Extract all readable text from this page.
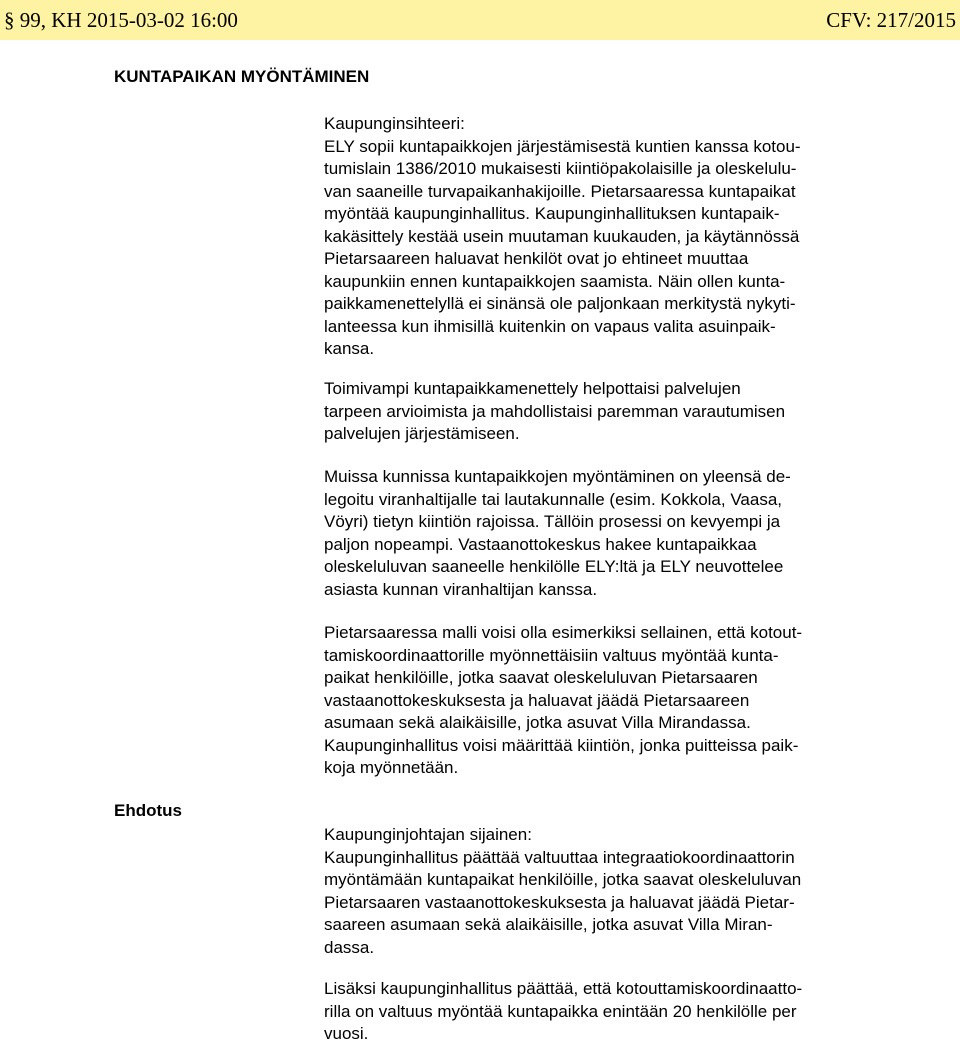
§ 99, KH 2015-03-02 16:00	CFV: 217/2015
KUNTAPAIKAN MYÖNTÄMINEN
Ehdotus
Kaupunginsihteeri:
ELY sopii kuntapaikkojen järjestämisestä kuntien kanssa kotou-
tumislain 1386/2010 mukaisesti kiintiöpakolaisille ja oleskelulu-
van saaneille turvapaikanhakijoille. Pietarsaaressa kuntapaikat
myöntää kaupunginhallitus. Kaupunginhallituksen kuntapaik-
kakäsittely kestää usein muutaman kuukauden, ja käytännössä
Pietarsaareen haluavat henkilöt ovat jo ehtineet muuttaa
kaupunkiin ennen kuntapaikkojen saamista. Näin ollen kunta-
paikkamenettelyllä ei sinänsä ole paljonkaan merkitystä nykyti-
lanteessa kun ihmisillä kuitenkin on vapaus valita asuinpaik-
kansa.
Toimivampi kuntapaikkamenettely helpottaisi palvelujen
tarpeen arvioimista ja mahdollistaisi paremman varautumisen
palvelujen järjestämiseen.
Muissa kunnissa kuntapaikkojen myöntäminen on yleensä de-
legoitu viranhaltijalle tai lautakunnalle (esim. Kokkola, Vaasa,
Vöyri) tietyn kiintiön rajoissa. Tällöin prosessi on kevyempi ja
paljon nopeampi. Vastaanottokeskus hakee kuntapaikkaa
oleskeluluvan saaneelle henkilölle ELY:ltä ja ELY neuvottelee
asiasta kunnan viranhaltijan kanssa.
Pietarsaaressa malli voisi olla esimerkiksi sellainen, että kotout-
tamiskoordinaattorille myönnettäisiin valtuus myöntää kunta-
paikat henkilöille, jotka saavat oleskeluluvan Pietarsaaren
vastaanottokeskuksesta ja haluavat jäädä Pietarsaareen
asumaan sekä alaikäisille, jotka asuvat Villa Mirandassa.
Kaupunginhallitus voisi määrittää kiintiön, jonka puitteissa paik-
koja myönnetään.
Kaupunginjohtajan sijainen:
Kaupunginhallitus päättää valtuuttaa integraatiokoordinaattorin
myöntämään kuntapaikat henkilöille, jotka saavat oleskeluluvan
Pietarsaaren vastaanottokeskuksesta ja haluavat jäädä Pietar-
saareen asumaan sekä alaikäisille, jotka asuvat Villa Miran-
dassa.
Lisäksi kaupunginhallitus päättää, että kotouttamiskoordinaatto-
rilla on valtuus myöntää kuntapaikka enintään 20 henkilölle per
vuosi.
